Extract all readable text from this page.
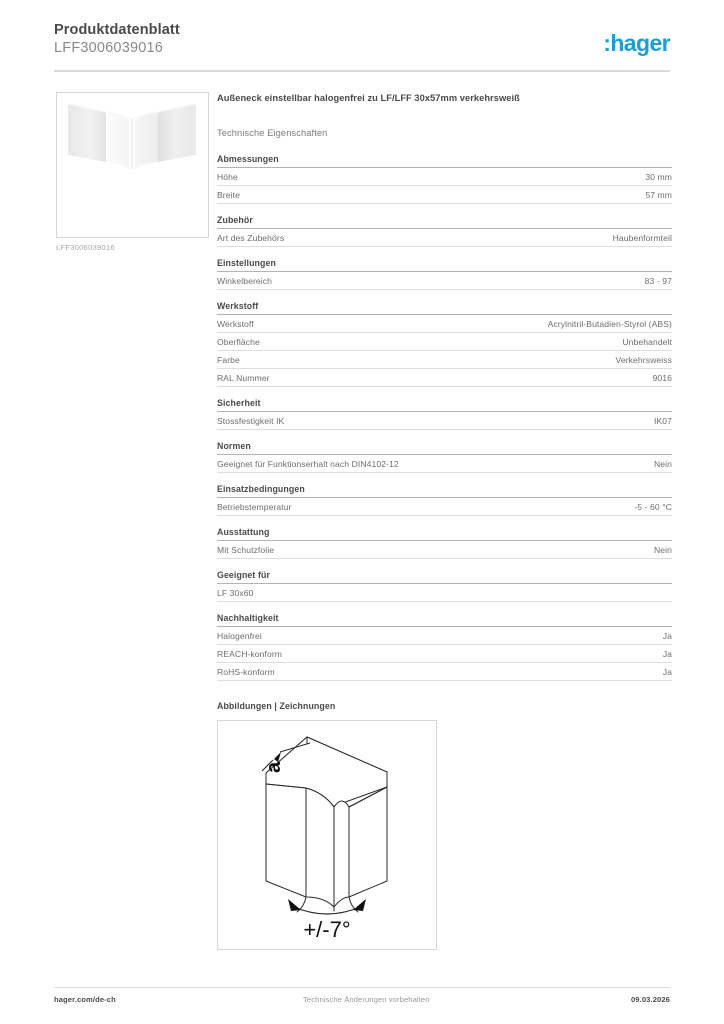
Produktdatenblatt
LFF3006039016	:hager
LFF3006039016

Außeneck einstellbar halogenfrei zu LF/LFF 30x57mm verkehrsweiß

Technische Eigenschaften

Abmessungen
Höhe	30 mm
Breite	57 mm
Zubehör
Art des Zubehörs	Haubenformteil
Einstellungen
Winkelbereich	83 - 97
Werkstoff
Werkstoff	Acrylnitril-Butadien-Styrol (ABS)
Oberfläche	Unbehandelt
Farbe	Verkehrsweiss
RAL Nummer	9016
Sicherheit
Stossfestigkeit IK	IK07
Normen
Geeignet für Funktionserhalt nach DIN4102-12	Nein
Einsatzbedingungen
Betriebstemperatur	-5 - 60 °C
Ausstattung
Mit Schutzfolie	Nein
Geeignet für
LF 30x60
Nachhaltigkeit
Halogenfrei	Ja
REACH-konform	Ja
RoHS-konform	Ja
Abbildungen | Zeichnungen
a
+/-7°
hager.com/de-ch	Technische Änderungen vorbehalten	09.03.2026
